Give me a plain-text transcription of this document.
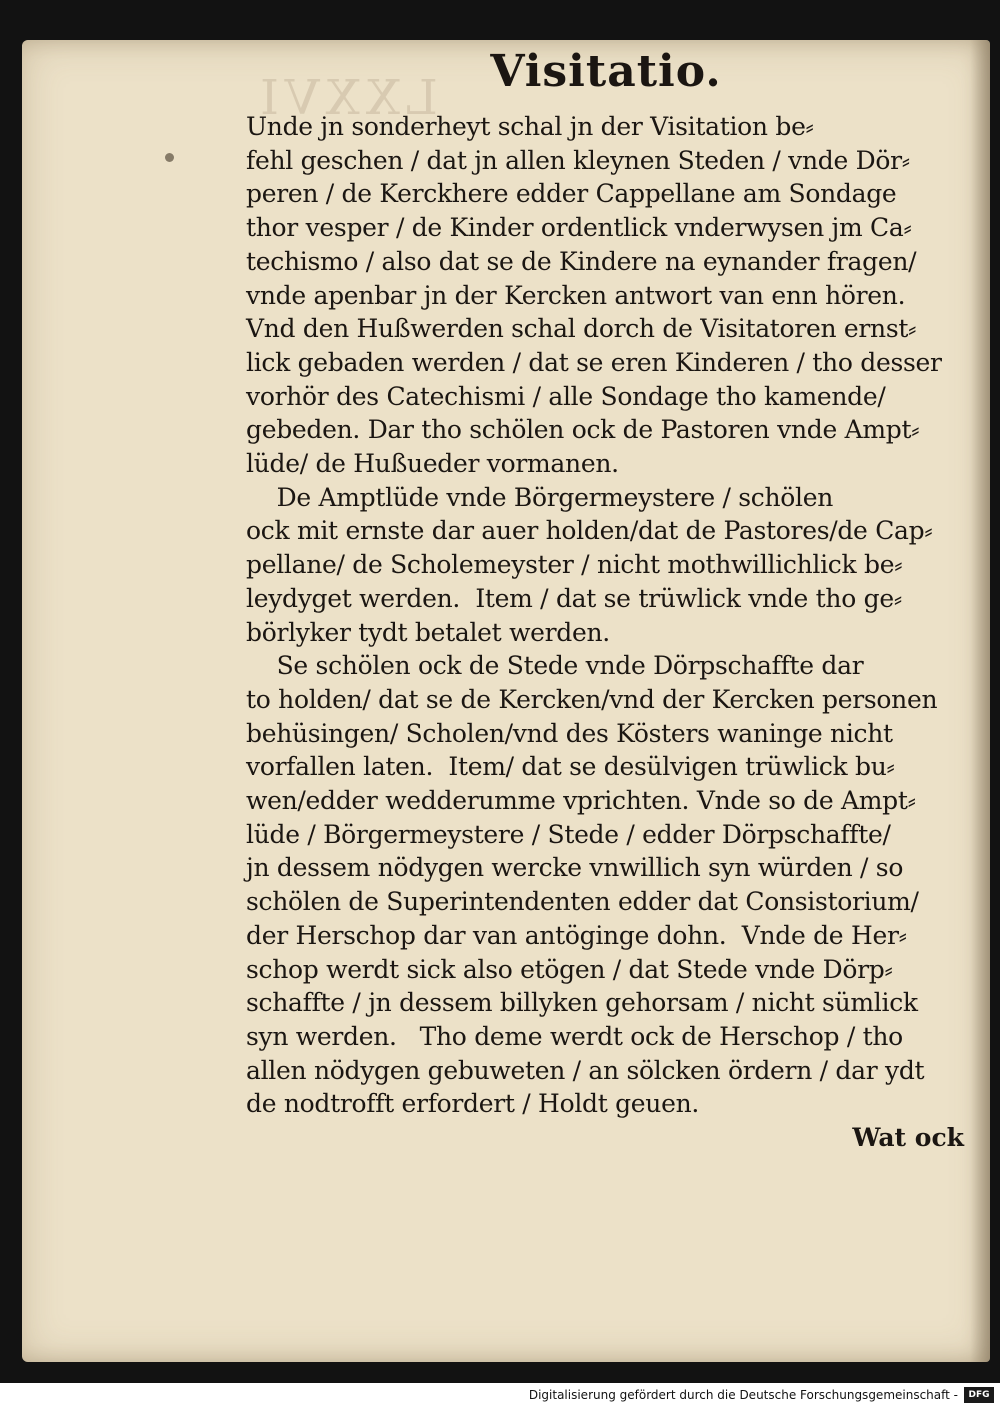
LXXVI	Visitatio.
Unde jn sonderheyt schal jn der Visitation be⸗
fehl geschen / dat jn allen kleynen Steden / vnde Dör⸗
peren / de Kerckhere edder Cappellane am Sondage
thor vesper / de Kinder ordentlick vnderwysen jm Ca⸗
techismo / also dat se de Kindere na eynander fragen/
vnde apenbar jn der Kercken antwort van enn hören.
Vnd den Hußwerden schal dorch de Visitatoren ernst⸗
lick gebaden werden / dat se eren Kinderen / tho desser
vorhör des Catechismi / alle Sondage tho kamende/
gebeden. Dar tho schölen ock de Pastoren vnde Ampt⸗
lüde/ de Hußueder vormanen.
De Amptlüde vnde Börgermeystere / schölen
ock mit ernste dar auer holden/dat de Pastores/de Cap⸗
pellane/ de Scholemeyster / nicht mothwillichlick be⸗
leydyget werden.  Item / dat se trüwlick vnde tho ge⸗
börlyker tydt betalet werden.
Se schölen ock de Stede vnde Dörpschaffte dar
to holden/ dat se de Kercken/vnd der Kercken personen
behüsingen/ Scholen/vnd des Kösters waninge nicht
vorfallen laten.  Item/ dat se desülvigen trüwlick bu⸗
wen/edder wedderumme vprichten. Vnde so de Ampt⸗
lüde / Börgermeystere / Stede / edder Dörpschaffte/
jn dessem nödygen wercke vnwillich syn würden / so
schölen de Superintendenten edder dat Consistorium/
der Herschop dar van antöginge dohn.  Vnde de Her⸗
schop werdt sick also etögen / dat Stede vnde Dörp⸗
schaffte / jn dessem billyken gehorsam / nicht sümlick
syn werden.   Tho deme werdt ock de Herschop / tho
allen nödygen gebuweten / an sölcken ördern / dar ydt
de nodtrofft erfordert / Holdt geuen.
Wat ock
Digitalisierung gefördert durch die Deutsche Forschungsgemeinschaft -	DFG
